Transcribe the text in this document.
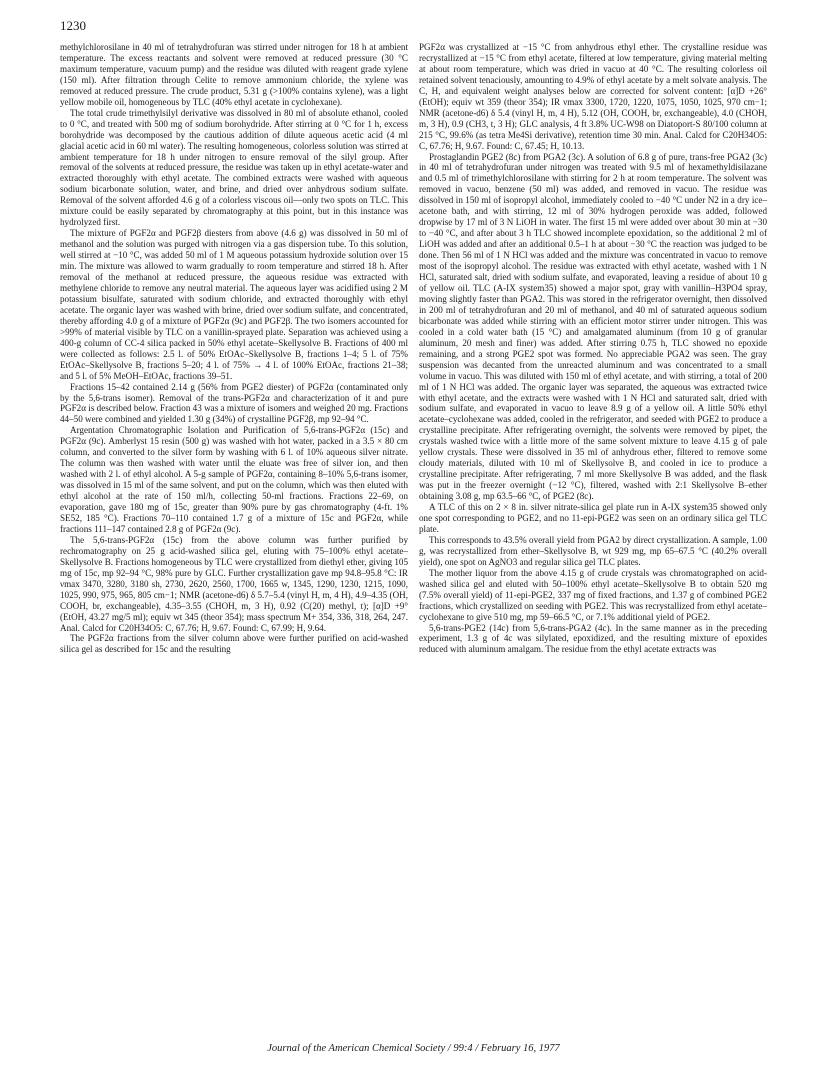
1230

methylchlorosilane in 40 ml of tetrahydrofuran was stirred under nitrogen for 18 h at ambient temperature. The excess reactants and solvent were removed at reduced pressure (30 °C maximum temperature, vacuum pump) and the residue was diluted with reagent grade xylene (150 ml). After filtration through Celite to remove ammonium chloride, the xylene was removed at reduced pressure. The crude product, 5.31 g (>100% contains xylene), was a light yellow mobile oil, homogeneous by TLC (40% ethyl acetate in cyclohexane).

The total crude trimethylsilyl derivative was dissolved in 80 ml of absolute ethanol, cooled to 0 °C, and treated with 500 mg of sodium borohydride. After stirring at 0 °C for 1 h, excess borohydride was decomposed by the cautious addition of dilute aqueous acetic acid (4 ml glacial acetic acid in 60 ml water). The resulting homogeneous, colorless solution was stirred at ambient temperature for 18 h under nitrogen to ensure removal of the silyl group. After removal of the solvents at reduced pressure, the residue was taken up in ethyl acetate-water and extracted thoroughly with ethyl acetate. The combined extracts were washed with aqueous sodium bicarbonate solution, water, and brine, and dried over anhydrous sodium sulfate. Removal of the solvent afforded 4.6 g of a colorless viscous oil—only two spots on TLC. This mixture could be easily separated by chromatography at this point, but in this instance was hydrolyzed first.

The mixture of PGF2α and PGF2β diesters from above (4.6 g) was dissolved in 50 ml of methanol and the solution was purged with nitrogen via a gas dispersion tube. To this solution, well stirred at −10 °C, was added 50 ml of 1 M aqueous potassium hydroxide solution over 15 min. The mixture was allowed to warm gradually to room temperature and stirred 18 h. After removal of the methanol at reduced pressure, the aqueous residue was extracted with methylene chloride to remove any neutral material. The aqueous layer was acidified using 2 M potassium bisulfate, saturated with sodium chloride, and extracted thoroughly with ethyl acetate. The organic layer was washed with brine, dried over sodium sulfate, and concentrated, thereby affording 4.0 g of a mixture of PGF2α (9c) and PGF2β. The two isomers accounted for >99% of material visible by TLC on a vanillin-sprayed plate. Separation was achieved using a 400-g column of CC-4 silica packed in 50% ethyl acetate–Skellysolve B. Fractions of 400 ml were collected as follows: 2.5 l. of 50% EtOAc–Skellysolve B, fractions 1–4; 5 l. of 75% EtOAc–Skellysolve B, fractions 5–20; 4 l. of 75% → 4 l. of 100% EtOAc, fractions 21–38; and 5 l. of 5% MeOH–EtOAc, fractions 39–51.

Fractions 15–42 contained 2.14 g (56% from PGE2 diester) of PGF2α (contaminated only by the 5,6-trans isomer). Removal of the trans-PGF2α and characterization of it and pure PGF2α is described below. Fraction 43 was a mixture of isomers and weighed 20 mg. Fractions 44–50 were combined and yielded 1.30 g (34%) of crystalline PGF2β, mp 92–94 °C.

Argentation Chromatographic Isolation and Purification of 5,6-trans-PGF2α (15c) and PGF2α (9c). Amberlyst 15 resin (500 g) was washed with hot water, packed in a 3.5 × 80 cm column, and converted to the silver form by washing with 6 l. of 10% aqueous silver nitrate. The column was then washed with water until the eluate was free of silver ion, and then washed with 2 l. of ethyl alcohol. A 5-g sample of PGF2α, containing 8–10% 5,6-trans isomer, was dissolved in 15 ml of the same solvent, and put on the column, which was then eluted with ethyl alcohol at the rate of 150 ml/h, collecting 50-ml fractions. Fractions 22–69, on evaporation, gave 180 mg of 15c, greater than 90% pure by gas chromatography (4-ft. 1% SE52, 185 °C). Fractions 70–110 contained 1.7 g of a mixture of 15c and PGF2α, while fractions 111–147 contained 2.8 g of PGF2α (9c).

The 5,6-trans-PGF2α (15c) from the above column was further purified by rechromatography on 25 g acid-washed silica gel, eluting with 75–100% ethyl acetate–Skellysolve B. Fractions homogeneous by TLC were crystallized from diethyl ether, giving 105 mg of 15c, mp 92–94 °C, 98% pure by GLC. Further crystallization gave mp 94.8–95.8 °C: IR νmax 3470, 3280, 3180 sh, 2730, 2620, 2560, 1700, 1665 w, 1345, 1290, 1230, 1215, 1090, 1025, 990, 975, 965, 805 cm−1; NMR (acetone-d6) δ 5.7–5.4 (vinyl H, m, 4 H), 4.9–4.35 (OH, COOH, br, exchangeable), 4.35–3.55 (CHOH, m, 3 H), 0.92 (C(20) methyl, t); [α]D +9° (EtOH, 43.27 mg/5 ml); equiv wt 345 (theor 354); mass spectrum M+ 354, 336, 318, 264, 247. Anal. Calcd for C20H34O5: C, 67.76; H, 9.67. Found: C, 67.99; H, 9.64.

The PGF2α fractions from the silver column above were further purified on acid-washed silica gel as described for 15c and the resulting

PGF2α was crystallized at −15 °C from anhydrous ethyl ether. The crystalline residue was recrystallized at −15 °C from ethyl acetate, filtered at low temperature, giving material melting at about room temperature, which was dried in vacuo at 40 °C. The resulting colorless oil retained solvent tenaciously, amounting to 4.9% of ethyl acetate by a melt solvate analysis. The C, H, and equivalent weight analyses below are corrected for solvent content: [α]D +26° (EtOH); equiv wt 359 (theor 354); IR νmax 3300, 1720, 1220, 1075, 1050, 1025, 970 cm−1; NMR (acetone-d6) δ 5.4 (vinyl H, m, 4 H), 5.12 (OH, COOH, br, exchangeable), 4.0 (CHOH, m, 3 H), 0.9 (CH3, t, 3 H); GLC analysis, 4 ft 3.8% UC-W98 on Diatoport-S 80/100 column at 215 °C, 99.6% (as tetra Me4Si derivative), retention time 30 min. Anal. Calcd for C20H34O5: C, 67.76; H, 9.67. Found: C, 67.45; H, 10.13.

Prostaglandin PGE2 (8c) from PGA2 (3c). A solution of 6.8 g of pure, trans-free PGA2 (3c) in 40 ml of tetrahydrofuran under nitrogen was treated with 9.5 ml of hexamethyldisilazane and 0.5 ml of trimethylchlorosilane with stirring for 2 h at room temperature. The solvent was removed in vacuo, benzene (50 ml) was added, and removed in vacuo. The residue was dissolved in 150 ml of isopropyl alcohol, immediately cooled to −40 °C under N2 in a dry ice–acetone bath, and with stirring, 12 ml of 30% hydrogen peroxide was added, followed dropwise by 17 ml of 3 N LiOH in water. The first 15 ml were added over about 30 min at −30 to −40 °C, and after about 3 h TLC showed incomplete epoxidation, so the additional 2 ml of LiOH was added and after an additional 0.5–1 h at about −30 °C the reaction was judged to be done. Then 56 ml of 1 N HCl was added and the mixture was concentrated in vacuo to remove most of the isopropyl alcohol. The residue was extracted with ethyl acetate, washed with 1 N HCl, saturated salt, dried with sodium sulfate, and evaporated, leaving a residue of about 10 g of yellow oil. TLC (A-IX system35) showed a major spot, gray with vanillin–H3PO4 spray, moving slightly faster than PGA2. This was stored in the refrigerator overnight, then dissolved in 200 ml of tetrahydrofuran and 20 ml of methanol, and 40 ml of saturated aqueous sodium bicarbonate was added while stirring with an efficient motor stirrer under nitrogen. This was cooled in a cold water bath (15 °C) and amalgamated aluminum (from 10 g of granular aluminum, 20 mesh and finer) was added. After stirring 0.75 h, TLC showed no epoxide remaining, and a strong PGE2 spot was formed. No appreciable PGA2 was seen. The gray suspension was decanted from the unreacted aluminum and was concentrated to a small volume in vacuo. This was diluted with 150 ml of ethyl acetate, and with stirring, a total of 200 ml of 1 N HCl was added. The organic layer was separated, the aqueous was extracted twice with ethyl acetate, and the extracts were washed with 1 N HCl and saturated salt, dried with sodium sulfate, and evaporated in vacuo to leave 8.9 g of a yellow oil. A little 50% ethyl acetate–cyclohexane was added, cooled in the refrigerator, and seeded with PGE2 to produce a crystalline precipitate. After refrigerating overnight, the solvents were removed by pipet, the crystals washed twice with a little more of the same solvent mixture to leave 4.15 g of pale yellow crystals. These were dissolved in 35 ml of anhydrous ether, filtered to remove some cloudy materials, diluted with 10 ml of Skellysolve B, and cooled in ice to produce a crystalline precipitate. After refrigerating, 7 ml more Skellysolve B was added, and the flask was put in the freezer overnight (−12 °C), filtered, washed with 2:1 Skellysolve B–ether obtaining 3.08 g, mp 63.5–66 °C, of PGE2 (8c).

A TLC of this on 2 × 8 in. silver nitrate-silica gel plate run in A-IX system35 showed only one spot corresponding to PGE2, and no 11-epi-PGE2 was seen on an ordinary silica gel TLC plate.

This corresponds to 43.5% overall yield from PGA2 by direct crystallization. A sample, 1.00 g, was recrystallized from ether–Skellysolve B, wt 929 mg, mp 65–67.5 °C (40.2% overall yield), one spot on AgNO3 and regular silica gel TLC plates.

The mother liquor from the above 4.15 g of crude crystals was chromatographed on acid-washed silica gel and eluted with 50–100% ethyl acetate–Skellysolve B to obtain 520 mg (7.5% overall yield) of 11-epi-PGE2, 337 mg of fixed fractions, and 1.37 g of combined PGE2 fractions, which crystallized on seeding with PGE2. This was recrystallized from ethyl acetate–cyclohexane to give 510 mg, mp 59–66.5 °C, or 7.1% additional yield of PGE2.

5,6-trans-PGE2 (14c) from 5,6-trans-PGA2 (4c). In the same manner as in the preceding experiment, 1.3 g of 4c was silylated, epoxidized, and the resulting mixture of epoxides reduced with aluminum amalgam. The residue from the ethyl acetate extracts was

Journal of the American Chemical Society / 99:4 / February 16, 1977
